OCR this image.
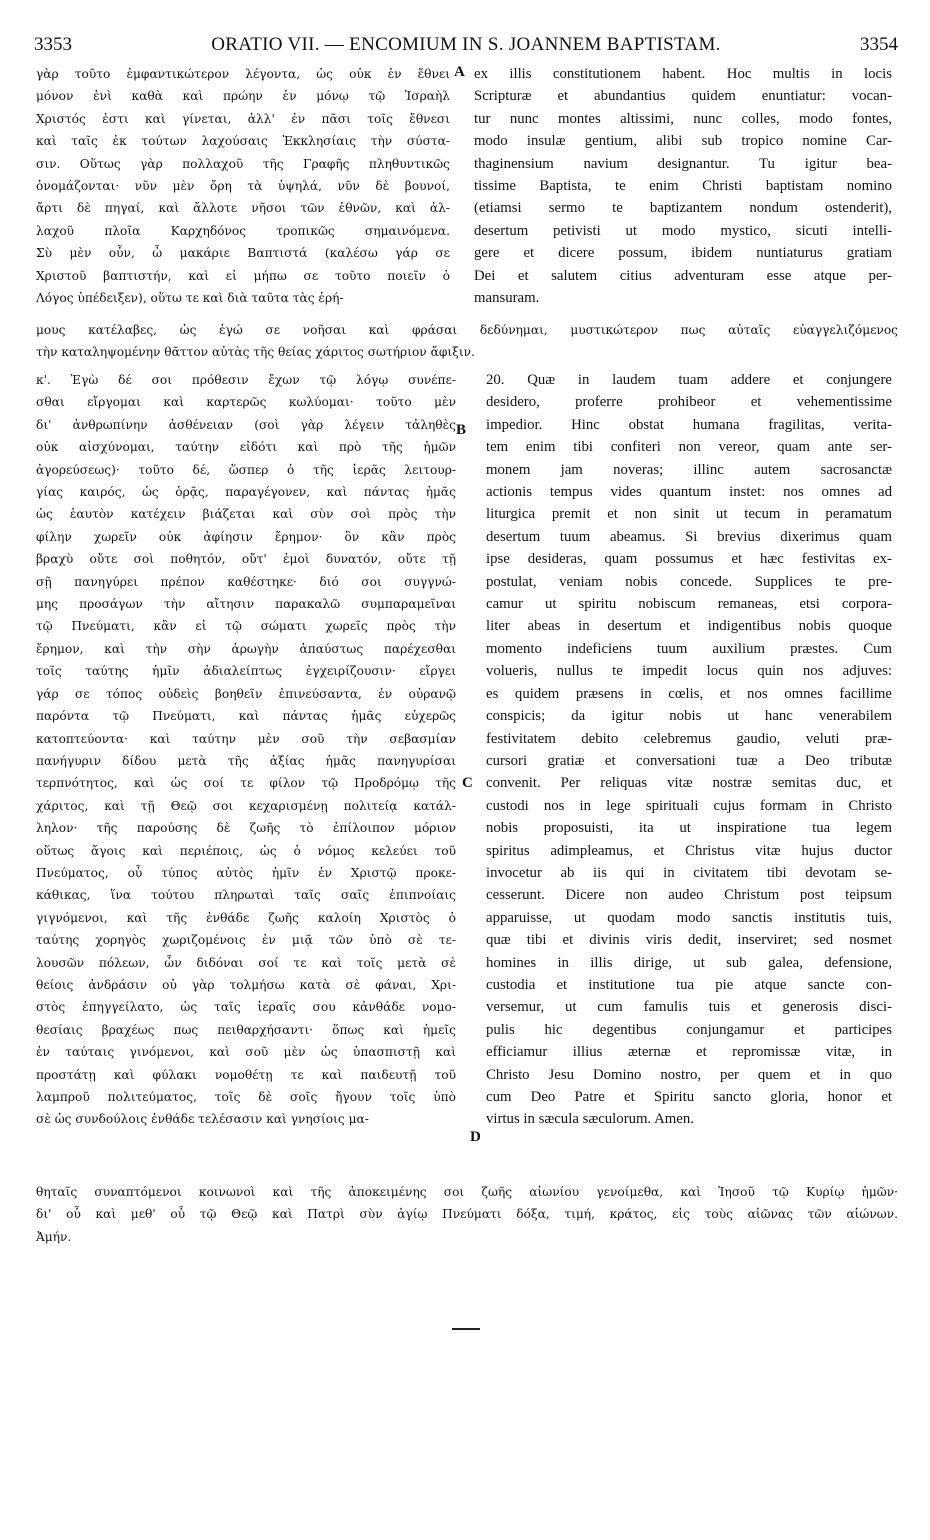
3353	ORATIO VII. — ENCOMIUM IN S. JOANNEM BAPTISTAM.	3354
γὰρ τοῦτο ἐμφαντικώτερον λέγοντα, ὡς οὐκ ἐν ἔθνει
μόνον ἑνὶ καθὰ καὶ πρώην ἐν μόνῳ τῷ Ἰσραὴλ
Χριστός ἐστι καὶ γίνεται, ἀλλ' ἐν πᾶσι τοῖς ἔθνεσι
καὶ ταῖς ἐκ τούτων λαχούσαις Ἐκκλησίαις τὴν σύστα-
σιν. Οὕτως γὰρ πολλαχοῦ τῆς Γραφῆς πληθυντικῶς
ὀνομάζονται· νῦν μὲν ὄρη τὰ ὑψηλά, νῦν δὲ βουνοί,
ἄρτι δὲ πηγαί, καὶ ἄλλοτε νῆσοι τῶν ἐθνῶν, καὶ ἀλ-
λαχοῦ πλοῖα Καρχηδόνος τροπικῶς σημαινόμενα.
Σὺ μὲν οὖν, ὦ μακάριε Βαπτιστά (καλέσω γάρ σε
Χριστοῦ βαπτιστήν, καὶ εἰ μήπω σε τοῦτο ποιεῖν ὁ
Λόγος ὑπέδειξεν), οὕτω τε καὶ διὰ ταῦτα τὰς ἐρή-
ex illis constitutionem habent. Hoc multis in locis
Scripturæ et abundantius quidem enuntiatur: vocan-
tur nunc montes altissimi, nunc colles, modo fontes,
modo insulæ gentium, alibi sub tropico nomine Car-
thaginensium navium designantur. Tu igitur bea-
tissime Baptista, te enim Christi baptistam nomino
(etiamsi sermo te baptizantem nondum ostenderit),
desertum petivisti ut modo mystico, sicuti intelli-
gere et dicere possum, ibidem nuntiaturus gratiam
Dei et salutem citius adventuram esse atque per-
mansuram.
μους κατέλαβες, ὡς ἐγώ σε νοῆσαι καὶ φράσαι δεδύνημαι, μυστικώτερον πως αὐταῖς εὐαγγελιζόμενος
τὴν καταληψομένην θᾶττον αὐτὰς τῆς θείας χάριτος σωτήριον ἄφιξιν.
κ'. Ἐγὼ δέ σοι πρόθεσιν ἔχων τῷ λόγῳ συνέπε-
σθαι εἴργομαι καὶ καρτερῶς κωλύομαι· τοῦτο μὲν
δι' ἀνθρωπίνην ἀσθένειαν (σοὶ γὰρ λέγειν τἀληθὲς
οὐκ αἰσχύνομαι, ταύτην εἰδότι καὶ πρὸ τῆς ἡμῶν
ἀγορεύσεως)· τοῦτο δέ, ὥσπερ ὁ τῆς ἱερᾶς λειτουρ-
γίας καιρός, ὡς ὁρᾷς, παραγέγονεν, καὶ πάντας ἡμᾶς
ὡς ἑαυτὸν κατέχειν βιάζεται καὶ σὺν σοὶ πρὸς τὴν
φίλην χωρεῖν οὐκ ἀφίησιν ἔρημον· ὃν κἂν πρὸς
βραχὺ οὔτε σοὶ ποθητόν, οὔτ' ἐμοὶ δυνατόν, οὔτε τῇ
σῇ πανηγύρει πρέπον καθέστηκε· διό σοι συγγνώ-
μης προσάγων τὴν αἴτησιν παρακαλῶ συμπαραμεῖναι
τῷ Πνεύματι, κἂν εἰ τῷ σώματι χωρεῖς πρὸς τὴν
ἔρημον, καὶ τὴν σὴν ἀρωγὴν ἀπαύστως παρέχεσθαι
τοῖς ταύτης ἡμῖν ἀδιαλείπτως ἐγχειρίζουσιν· εἴργει
γάρ σε τόπος οὐδεὶς βοηθεῖν ἐπινεύσαντα, ἐν οὐρανῷ
παρόντα τῷ Πνεύματι, καὶ πάντας ἡμᾶς εὐχερῶς
κατοπτεύοντα· καὶ ταύτην μὲν σοῦ τὴν σεβασμίαν
πανήγυριν δίδου μετὰ τῆς ἀξίας ἡμᾶς πανηγυρίσαι
τερπνότητος, καὶ ὡς σοί τε φίλον τῷ Προδρόμῳ τῆς
χάριτος, καὶ τῇ Θεῷ σοι κεχαρισμένῃ πολιτείᾳ κατάλ-
ληλον· τῆς παρούσης δὲ ζωῆς τὸ ἐπίλοιπον μόριον
οὕτως ἄγοις καὶ περιέποις, ὡς ὁ νόμος κελεύει τοῦ
Πνεύματος, οὗ τύπος αὐτὸς ἡμῖν ἐν Χριστῷ προκε-
κάθικας, ἵνα τούτου πληρωταὶ ταῖς σαῖς ἐπιπνοίαις
γιγνόμενοι, καὶ τῆς ἐνθάδε ζωῆς καλοίη Χριστὸς ὁ
ταύτης χορηγὸς χωριζομένοις ἐν μιᾷ τῶν ὑπὸ σὲ τε-
λουσῶν πόλεων, ὧν διδόναι σοί τε καὶ τοῖς μετὰ σὲ
θείοις ἀνδράσιν οὐ γὰρ τολμήσω κατὰ σὲ φάναι, Χρι-
στὸς ἐπηγγείλατο, ὡς ταῖς ἱεραῖς σου κἀνθάδε νομο-
θεσίαις βραχέως πως πειθαρχήσαντι· ὅπως καὶ ἡμεῖς
ἐν ταύταις γινόμενοι, καὶ σοῦ μὲν ὡς ὑπασπιστῇ καὶ
προστάτῃ καὶ φύλακι νομοθέτῃ τε καὶ παιδευτῇ τοῦ
λαμπροῦ πολιτεύματος, τοῖς δὲ σοῖς ἤγουν τοῖς ὑπὸ
σὲ ὡς συνδούλοις ἐνθάδε τελέσασιν καὶ γνησίοις μα-
20. Quæ in laudem tuam addere et conjungere
desidero, proferre prohibeor et vehementissime
impedior. Hinc obstat humana fragilitas, verita-
tem enim tibi confiteri non vereor, quam ante ser-
monem jam noveras; illinc autem sacrosanctæ
actionis tempus vides quantum instet: nos omnes ad
liturgica premit et non sinit ut tecum in peramatum
desertum tuum abeamus. Si brevius dixerimus quam
ipse desideras, quam possumus et hæc festivitas ex-
postulat, veniam nobis concede. Supplices te pre-
camur ut spiritu nobiscum remaneas, etsi corpora-
liter abeas in desertum et indigentibus nobis quoque
momento indeficiens tuum auxilium præstes. Cum
volueris, nullus te impedit locus quin nos adjuves:
es quidem præsens in cœlis, et nos omnes facillime
conspicis; da igitur nobis ut hanc venerabilem
festivitatem debito celebremus gaudio, veluti præ-
cursori gratiæ et conversationi tuæ a Deo tributæ
convenit. Per reliquas vitæ nostræ semitas duc, et
custodi nos in lege spirituali cujus formam in Christo
nobis proposuisti, ita ut inspiratione tua legem
spiritus adimpleamus, et Christus vitæ hujus ductor
invocetur ab iis qui in civitatem tibi devotam se-
cesserunt. Dicere non audeo Christum post teipsum
apparuisse, ut quodam modo sanctis institutis tuis,
quæ tibi et divinis viris dedit, inserviret; sed nosmet
homines in illis dirige, ut sub galea, defensione,
custodia et institutione tua pie atque sancte con-
versemur, ut cum famulis tuis et generosis disci-
pulis hic degentibus conjungamur et participes
efficiamur illius æternæ et repromissæ vitæ, in
Christo Jesu Domino nostro, per quem et in quo
cum Deo Patre et Spiritu sancto gloria, honor et
virtus in sæcula sæculorum. Amen.
θηταῖς συναπτόμενοι κοινωνοὶ καὶ τῆς ἀποκειμένης σοι ζωῆς αἰωνίου γενοίμεθα, καὶ Ἰησοῦ τῷ Κυρίῳ ἡμῶν·
δι' οὗ καὶ μεθ' οὗ τῷ Θεῷ καὶ Πατρὶ σὺν ἁγίῳ Πνεύματι δόξα, τιμή, κράτος, εἰς τοὺς αἰῶνας τῶν αἰώνων.
Ἀμήν.
A
B
C
D
